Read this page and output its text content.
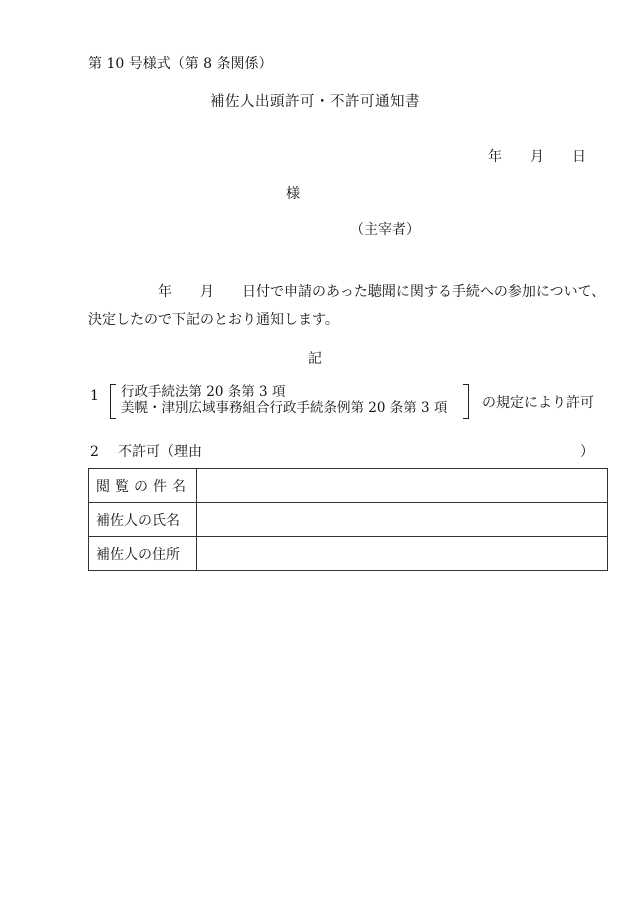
第 10 号様式（第 8 条関係）
補佐人出頭許可・不許可通知書
年 月 日
様
（主宰者）
年　　月　　日付で申請のあった聴聞に関する手続への参加について、
決定したので下記のとおり通知します。
記
1 行政手続法第 20 条第 3 項
美幌・津別広域事務組合行政手続条例第 20 条第 3 項 の規定により許可
2 不許可（理由	）
閲覧の件名	
補佐人の氏名	
補佐人の住所	
